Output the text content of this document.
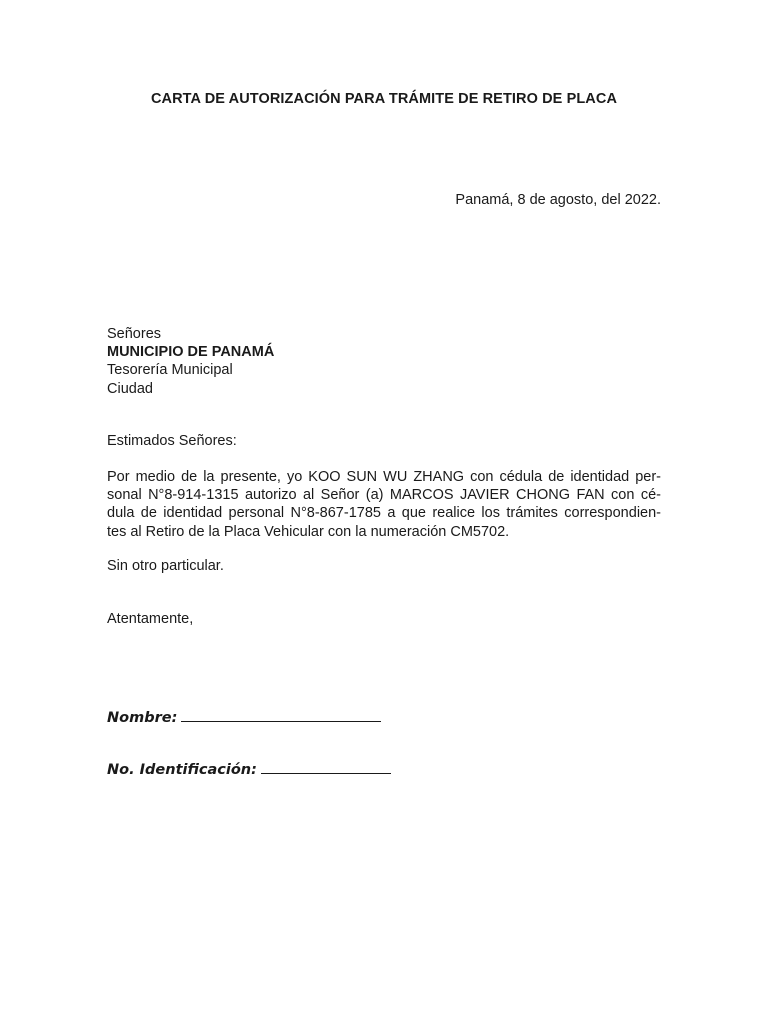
CARTA DE AUTORIZACIÓN PARA TRÁMITE DE RETIRO DE PLACA
Panamá, 8 de agosto, del 2022.
Señores
MUNICIPIO DE PANAMÁ
Tesorería Municipal
Ciudad
Estimados Señores:
Por medio de la presente, yo KOO SUN WU ZHANG con cédula de identidad per-
sonal N°8-914-1315 autorizo al Señor (a) MARCOS JAVIER CHONG FAN con cé-
dula de identidad personal N°8-867-1785 a que realice los trámites correspondien-
tes al Retiro de la Placa Vehicular con la numeración CM5702.
Sin otro particular.
Atentamente,
Nombre:
No. Identificación:
